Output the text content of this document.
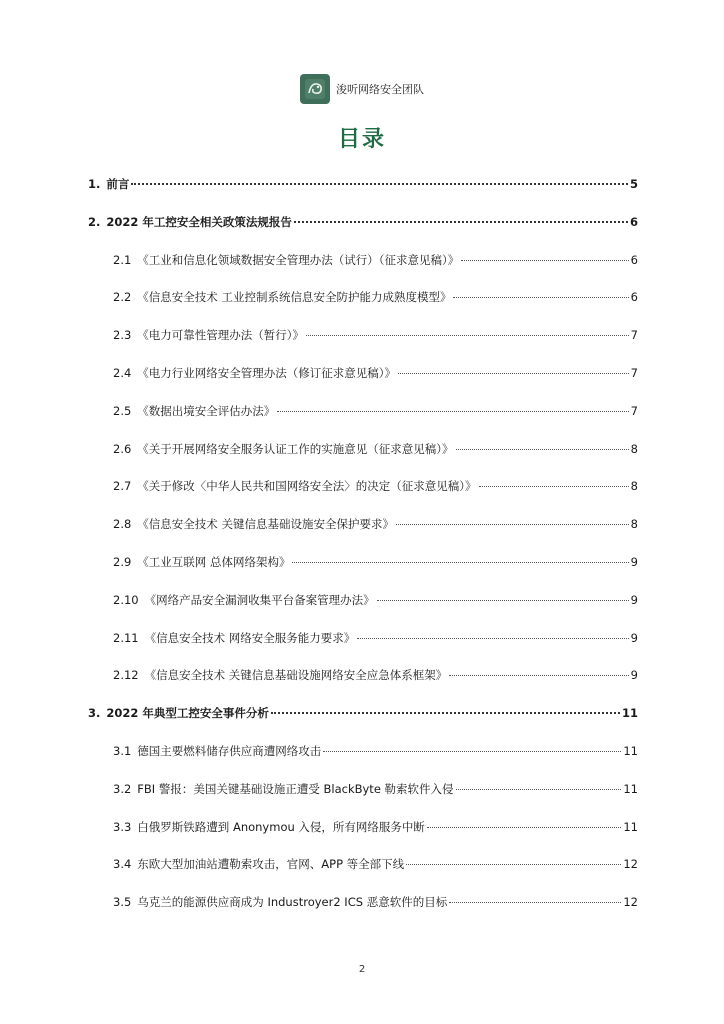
浚听网络安全团队
目录
1. 前言	5
2. 2022 年工控安全相关政策法规报告	6
2.1 《工业和信息化领域数据安全管理办法（试行）（征求意见稿）》	6
2.2 《信息安全技术 工业控制系统信息安全防护能力成熟度模型》	6
2.3 《电力可靠性管理办法（暂行）》	7
2.4 《电力行业网络安全管理办法（修订征求意见稿）》	7
2.5 《数据出境安全评估办法》	7
2.6 《关于开展网络安全服务认证工作的实施意见（征求意见稿）》	8
2.7 《关于修改〈中华人民共和国网络安全法〉的决定（征求意见稿）》	8
2.8 《信息安全技术 关键信息基础设施安全保护要求》	8
2.9 《工业互联网 总体网络架构》	9
2.10 《网络产品安全漏洞收集平台备案管理办法》	9
2.11 《信息安全技术 网络安全服务能力要求》	9
2.12 《信息安全技术 关键信息基础设施网络安全应急体系框架》	9
3. 2022 年典型工控安全事件分析	11
3.1 德国主要燃料储存供应商遭网络攻击	11
3.2 FBI 警报：美国关键基础设施正遭受 BlackByte 勒索软件入侵	11
3.3 白俄罗斯铁路遭到 Anonymou 入侵，所有网络服务中断	11
3.4 东欧大型加油站遭勒索攻击，官网、APP 等全部下线	12
3.5 乌克兰的能源供应商成为 Industroyer2 ICS 恶意软件的目标	12
2
